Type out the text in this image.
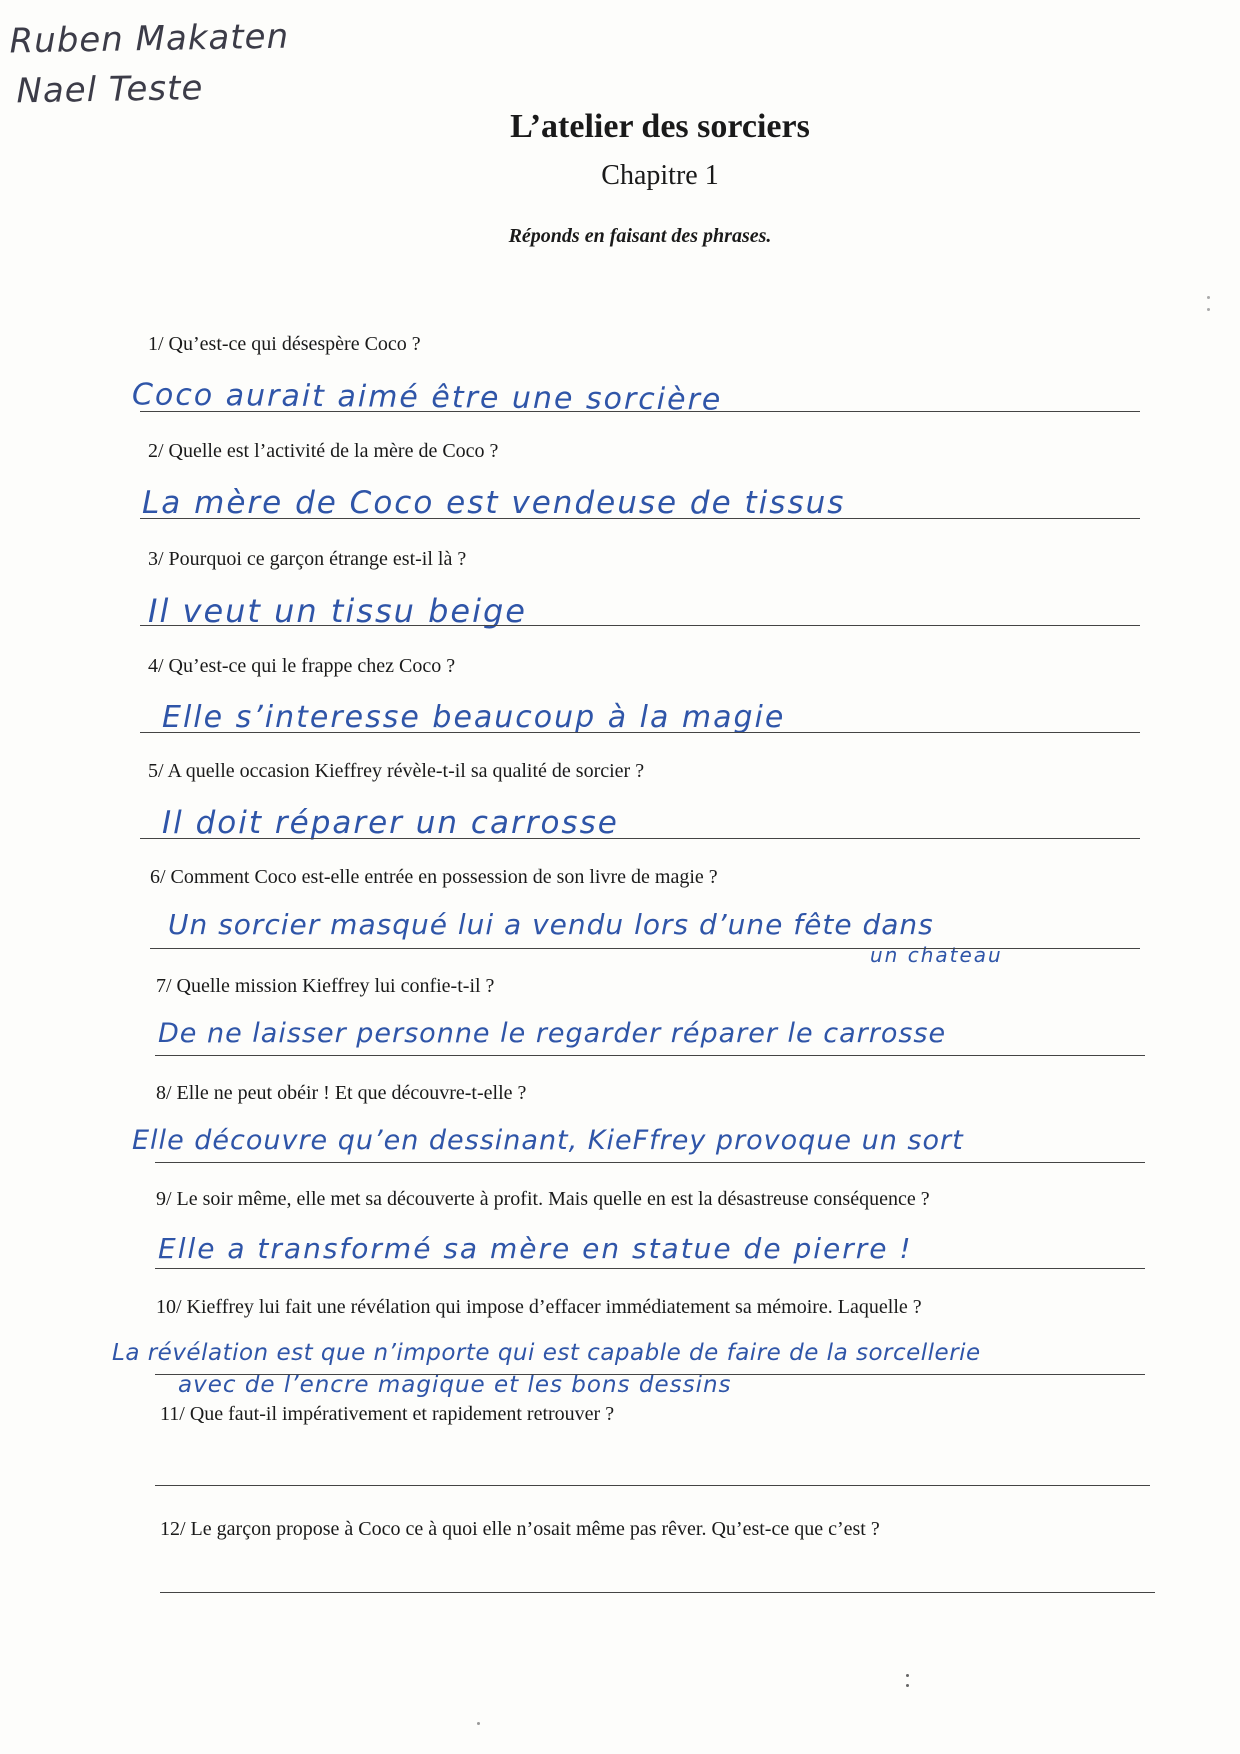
Ruben Makaten
Nael Teste
L’atelier des sorciers
Chapitre 1
Réponds en faisant des phrases.
1/ Qu’est-ce qui désespère Coco ?
Coco aurait aimé être une sorcière
2/ Quelle est l’activité de la mère de Coco ?
La mère de Coco est vendeuse de tissus
3/ Pourquoi ce garçon étrange est-il là ?
Il veut un tissu beige
4/ Qu’est-ce qui le frappe chez Coco ?
Elle s’interesse beaucoup à la magie
5/ A quelle occasion Kieffrey révèle-t-il sa qualité de sorcier ?
Il doit réparer un carrosse
6/ Comment Coco est-elle entrée en possession de son livre de magie ?
Un sorcier masqué lui a vendu lors d’une fête dans
un chateau
7/ Quelle mission Kieffrey lui confie-t-il ?
De ne laisser personne le regarder réparer le carrosse
8/ Elle ne peut obéir ! Et que découvre-t-elle ?
Elle découvre qu’en dessinant, KieFfrey provoque un sort
9/ Le soir même, elle met sa découverte à profit. Mais quelle en est la désastreuse conséquence ?
Elle a transformé sa mère en statue de pierre !
10/ Kieffrey lui fait une révélation qui impose d’effacer immédiatement sa mémoire. Laquelle ?
La révélation est que n’importe qui est capable de faire de la sorcellerie
avec de l’encre magique et les bons dessins
11/ Que faut-il impérativement et rapidement retrouver ?
12/ Le garçon propose à Coco ce à quoi elle n’osait même pas rêver. Qu’est-ce que c’est ?
